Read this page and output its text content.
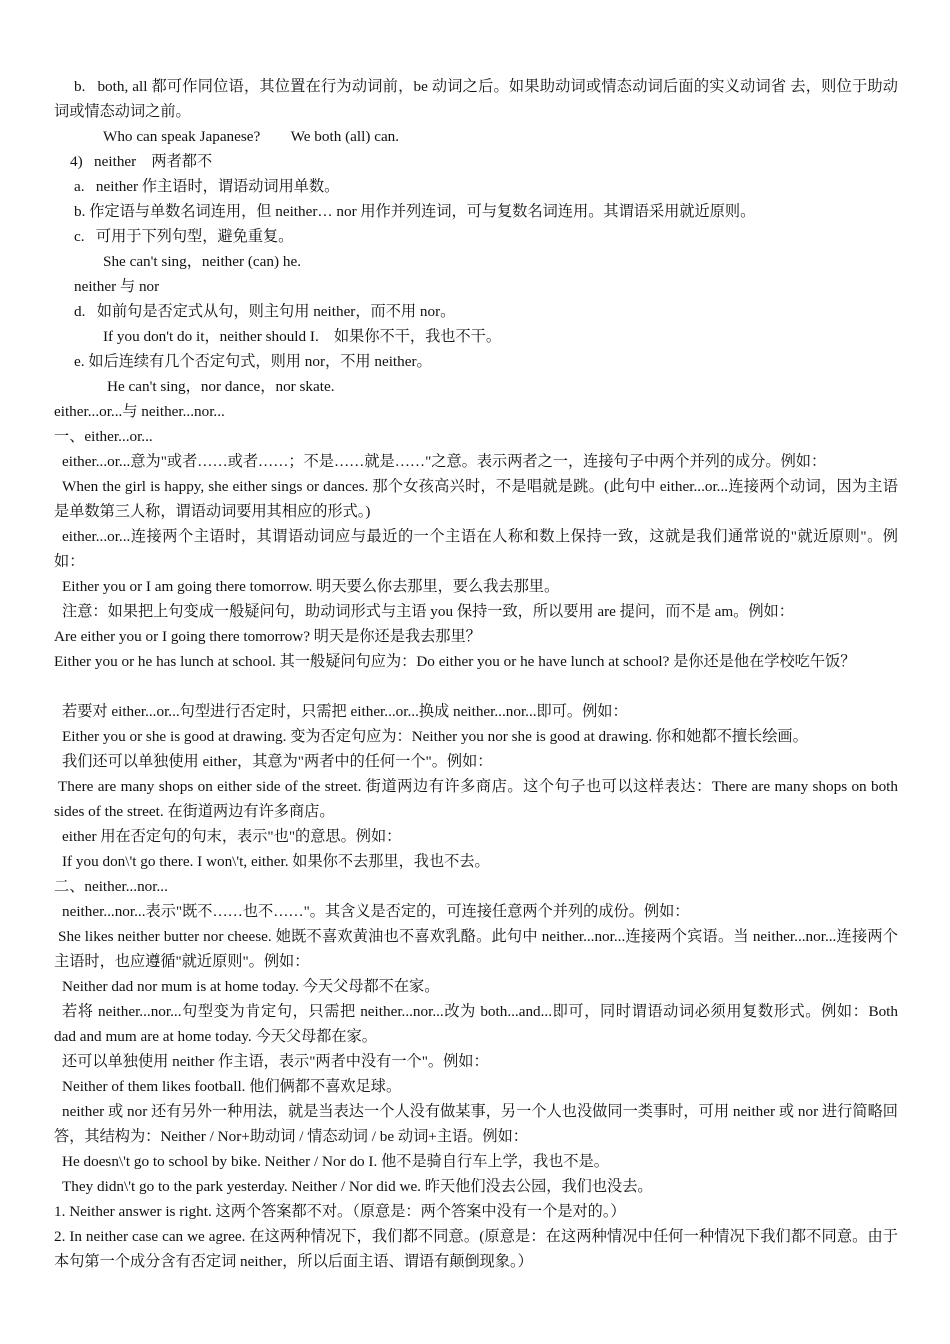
b.   both, all 都可作同位语，其位置在行为动词前，be 动词之后。如果助动词或情态动词后面的实义动词省 去，则位于助动词或情态动词之前。
Who can speak Japanese?        We both (all) can.
4)   neither    两者都不
a.   neither 作主语时，谓语动词用单数。
b. 作定语与单数名词连用，但 neither… nor 用作并列连词，可与复数名词连用。其谓语采用就近原则。
c.   可用于下列句型，避免重复。
She can't sing，neither (can) he.
neither 与 nor
d.   如前句是否定式从句，则主句用 neither，而不用 nor。
If you don't do it，neither should I.    如果你不干，我也不干。
e. 如后连续有几个否定句式，则用 nor，不用 neither。
He can't sing，nor dance，nor skate.
either...or...与 neither...nor...
一、either...or...
either...or...意为"或者……或者……；不是……就是……"之意。表示两者之一，连接句子中两个并列的成分。例如：
When the girl is happy, she either sings or dances. 那个女孩高兴时，不是唱就是跳。(此句中 either...or...连接两个动词，因为主语是单数第三人称，谓语动词要用其相应的形式。)
either...or...连接两个主语时，其谓语动词应与最近的一个主语在人称和数上保持一致，这就是我们通常说的"就近原则"。例如：
Either you or I am going there tomorrow. 明天要么你去那里，要么我去那里。
注意：如果把上句变成一般疑问句，助动词形式与主语 you 保持一致，所以要用 are 提问，而不是 am。例如：
Are either you or I going there tomorrow? 明天是你还是我去那里？
Either you or he has lunch at school. 其一般疑问句应为：Do either you or he have lunch at school? 是你还是他在学校吃午饭？
若要对 either...or...句型进行否定时，只需把 either...or...换成 neither...nor...即可。例如：
Either you or she is good at drawing. 变为否定句应为：Neither you nor she is good at drawing. 你和她都不擅长绘画。
我们还可以单独使用 either，其意为"两者中的任何一个"。例如：
There are many shops on either side of the street. 街道两边有许多商店。这个句子也可以这样表达：There are many shops on both sides of the street. 在街道两边有许多商店。
either 用在否定句的句末，表示"也"的意思。例如：
If you don\'t go there. I won\'t, either. 如果你不去那里，我也不去。
二、neither...nor...
neither...nor...表示"既不……也不……"。其含义是否定的，可连接任意两个并列的成份。例如：
She likes neither butter nor cheese. 她既不喜欢黄油也不喜欢乳酪。此句中 neither...nor...连接两个宾语。当 neither...nor...连接两个主语时，也应遵循"就近原则"。例如：
Neither dad nor mum is at home today. 今天父母都不在家。
若将 neither...nor...句型变为肯定句，只需把 neither...nor...改为 both...and...即可，同时谓语动词必须用复数形式。例如：Both dad and mum are at home today. 今天父母都在家。
还可以单独使用 neither 作主语，表示"两者中没有一个"。例如：
Neither of them likes football. 他们俩都不喜欢足球。
neither 或 nor 还有另外一种用法，就是当表达一个人没有做某事，另一个人也没做同一类事时，可用 neither 或 nor 进行简略回答，其结构为：Neither / Nor+助动词 / 情态动词 / be 动词+主语。例如：
He doesn\'t go to school by bike. Neither / Nor do I. 他不是骑自行车上学，我也不是。
They didn\'t go to the park yesterday. Neither / Nor did we. 昨天他们没去公园，我们也没去。
1. Neither answer is right. 这两个答案都不对。（原意是：两个答案中没有一个是对的。）
2. In neither case can we agree. 在这两种情况下，我们都不同意。(原意是：在这两种情况中任何一种情况下我们都不同意。由于本句第一个成分含有否定词 neither，所以后面主语、谓语有颠倒现象。）
